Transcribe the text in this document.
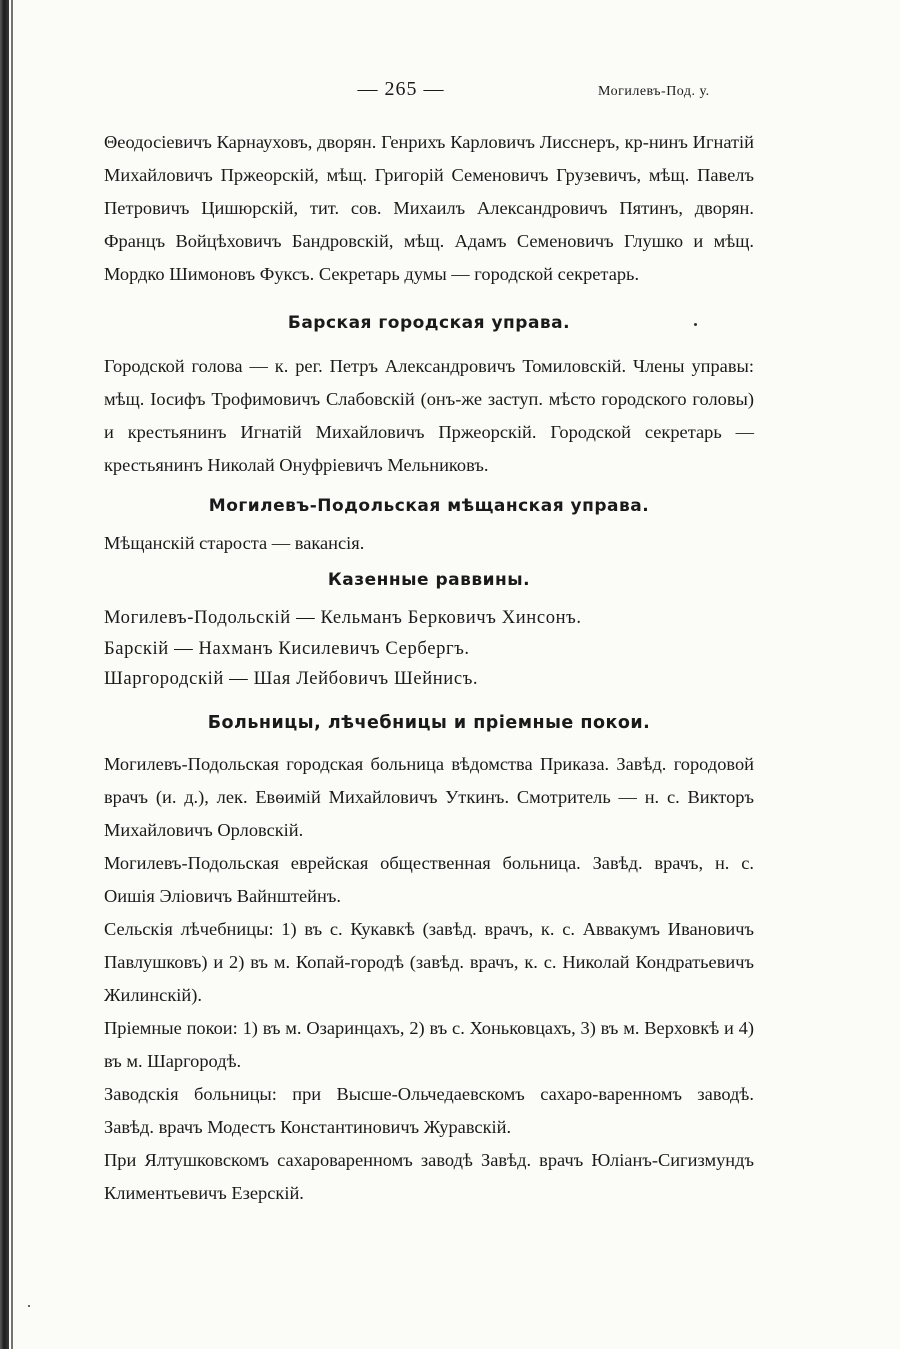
— 265 —	Могилевъ-Под. у.

Θеодосіевичъ Карнауховъ, дворян. Генрихъ Карловичъ Лисснеръ, кр-нинъ Игнатій Михайловичъ Пржеорскій, мѣщ. Григорій Семеновичъ Грузевичъ, мѣщ. Павелъ Петровичъ Цишюрскій, тит. сов. Михаилъ Александровичъ Пятинъ, дворян. Францъ Войцѣховичъ Бандровскій, мѣщ. Адамъ Семеновичъ Глушко и мѣщ. Мордко Шимоновъ Фуксъ. Секретарь думы — городской секретарь.

Барская городская управа.

Городской голова — к. рег. Петръ Александровичъ Томиловскій. Члены управы: мѣщ. Іосифъ Трофимовичъ Слабовскій (онъ-же заступ. мѣсто городского головы) и крестьянинъ Игнатій Михайловичъ Пржеорскій. Городской секретарь — крестьянинъ Николай Онуфріевичъ Мельниковъ.

Могилевъ-Подольская мѣщанская управа.

Мѣщанскій староста — вакансія.

Казенные раввины.
Могилевъ-Подольскій — Кельманъ Берковичъ Хинсонъ.
Барскій — Нахманъ Кисилевичъ Сербергъ.
Шаргородскій — Шая Лейбовичъ Шейнисъ.
Больницы, лѣчебницы и пріемные покои.

Могилевъ-Подольская городская больница вѣдомства Приказа. Завѣд. городовой врачъ (и. д.), лек. Евѳимій Михайловичъ Уткинъ. Смотритель — н. с. Викторъ Михайловичъ Орловскій.

Могилевъ-Подольская еврейская общественная больница. Завѣд. врачъ, н. с. Оишія Эліовичъ Вайнштейнъ.

Сельскія лѣчебницы: 1) въ с. Кукавкѣ (завѣд. врачъ, к. с. Аввакумъ Ивановичъ Павлушковъ) и 2) въ м. Копай-городѣ (завѣд. врачъ, к. с. Николай Кондратьевичъ Жилинскій).

Пріемные покои: 1) въ м. Озаринцахъ, 2) въ с. Хоньковцахъ, 3) въ м. Верховкѣ и 4) въ м. Шаргородѣ.

Заводскія больницы: при Высше-Ольчедаевскомъ сахаро-варенномъ заводѣ. Завѣд. врачъ Модестъ Константиновичъ Журавскій.

При Ялтушковскомъ сахароваренномъ заводѣ Завѣд. врачъ Юліанъ-Сигизмундъ Климентьевичъ Езерскій.
